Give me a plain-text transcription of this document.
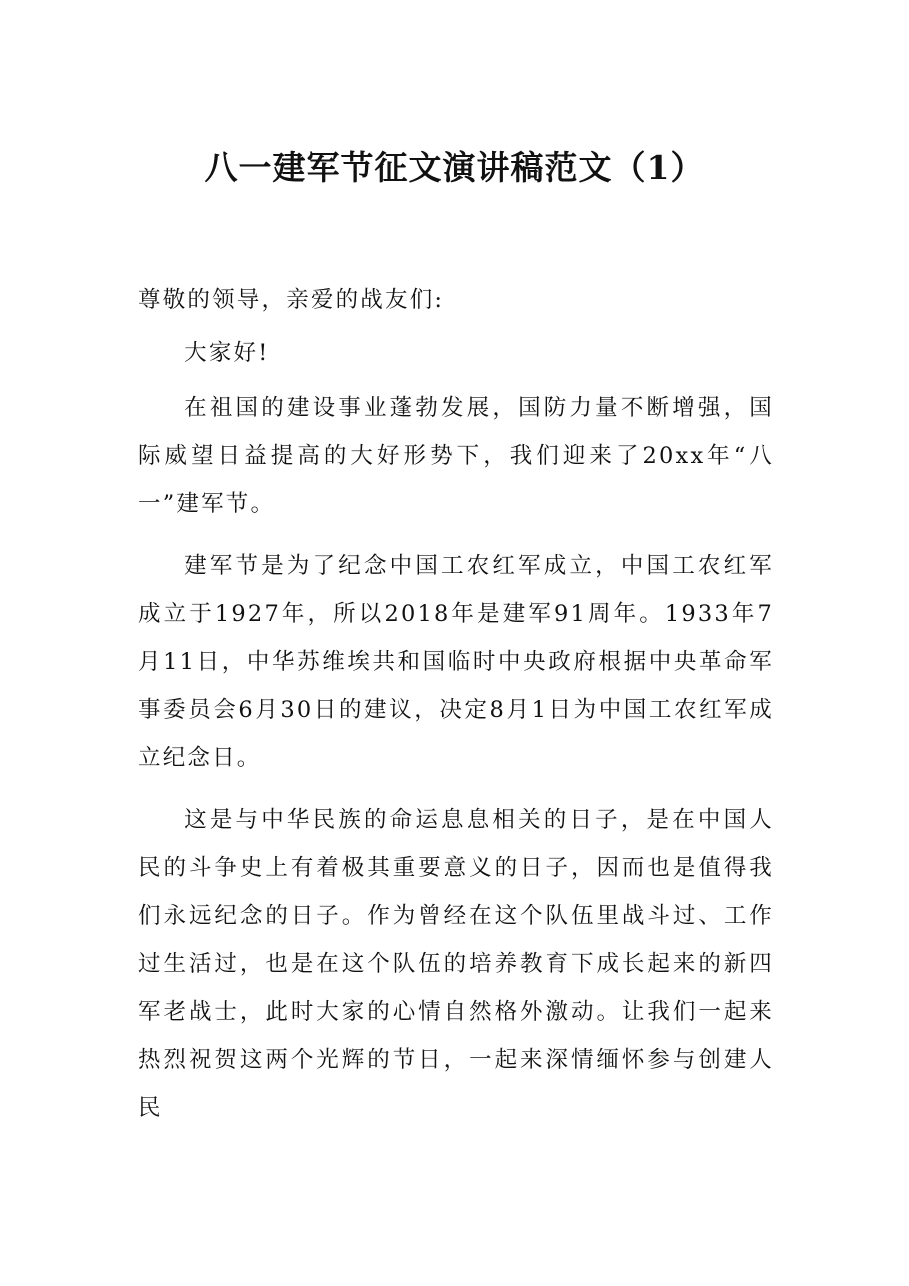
八一建军节征文演讲稿范文（1）

尊敬的领导，亲爱的战友们:

大家好!

在祖国的建设事业蓬勃发展，国防力量不断增强，国际威望日益提高的大好形势下，我们迎来了20xx年“八一”建军节。

建军节是为了纪念中国工农红军成立，中国工农红军成立于1927年，所以2018年是建军91周年。1933年7月11日，中华苏维埃共和国临时中央政府根据中央革命军事委员会6月30日的建议，决定8月1日为中国工农红军成立纪念日。

这是与中华民族的命运息息相关的日子，是在中国人民的斗争史上有着极其重要意义的日子，因而也是值得我们永远纪念的日子。作为曾经在这个队伍里战斗过、工作过生活过，也是在这个队伍的培养教育下成长起来的新四军老战士，此时大家的心情自然格外激动。让我们一起来热烈祝贺这两个光辉的节日，一起来深情缅怀参与创建人民
